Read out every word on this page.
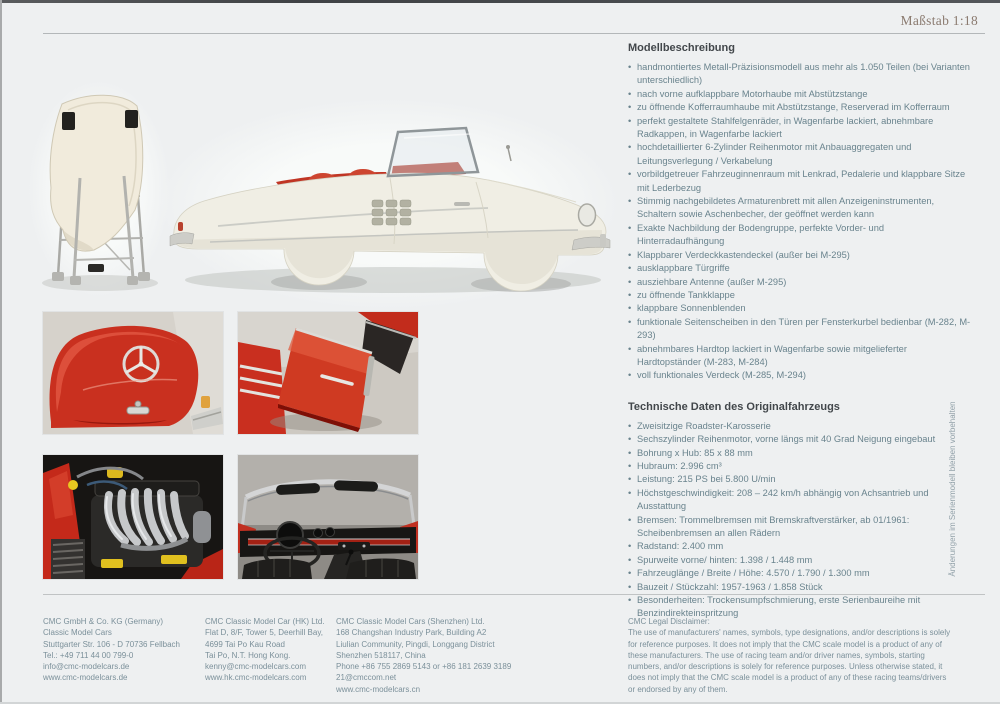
Maßstab 1:18
Modellbeschreibung
• handmontiertes Metall-Präzisionsmodell aus mehr als 1.050 Teilen (bei Varianten unterschiedlich)
• nach vorne aufklappbare Motorhaube mit Abstützstange
• zu öffnende Kofferraumhaube mit Abstützstange, Reserverad im Kofferraum
• perfekt gestaltete Stahlfelgenräder, in Wagenfarbe lackiert, abnehmbare Radkappen, in Wagenfarbe lackiert
• hochdetaillierter 6-Zylinder Reihenmotor mit Anbauaggregaten und Leitungsverlegung / Verkabelung
• vorbildgetreuer Fahrzeuginnenraum mit Lenkrad, Pedalerie und klappbare Sitze mit Lederbezug
• Stimmig nachgebildetes Armaturenbrett mit allen Anzeigeninstrumenten, Schaltern sowie Aschenbecher, der geöffnet werden kann
• Exakte Nachbildung der Bodengruppe, perfekte Vorder- und Hinterradaufhängung
• Klappbarer Verdeckkastendeckel (außer bei M-295)
• ausklappbare Türgriffe
• ausziehbare Antenne (außer M-295)
• zu öffnende Tankklappe
• klappbare Sonnenblenden
• funktionale Seitenscheiben in den Türen per Fensterkurbel bedienbar (M-282, M-293)
• abnehmbares Hardtop lackiert in Wagenfarbe sowie mitgelieferter Hardtopständer (M-283, M-284)
• voll funktionales Verdeck (M-285, M-294)
Technische Daten des Originalfahrzeugs
• Zweisitzige Roadster-Karosserie
• Sechszylinder Reihenmotor, vorne längs mit 40 Grad Neigung eingebaut
• Bohrung x Hub: 85 x 88 mm
• Hubraum: 2.996 cm³
• Leistung: 215 PS bei 5.800 U/min
• Höchstgeschwindigkeit: 208 – 242 km/h abhängig von Achsantrieb und Ausstattung
• Bremsen: Trommelbremsen mit Bremskraftverstärker, ab 01/1961: Scheibenbremsen an allen Rädern
• Radstand: 2.400 mm
• Spurweite vorne/ hinten: 1.398 / 1.448 mm
• Fahrzeuglänge / Breite / Höhe: 4.570 / 1.790 / 1.300 mm
• Bauzeit / Stückzahl: 1957-1963 / 1.858 Stück
• Besonderheiten: Trockensumpfschmierung, erste Serienbaureihe mit Benzindirekteinspritzung
Änderungen im Serienmodell bleiben vorbehalten
CMC GmbH & Co. KG (Germany)
Classic Model Cars
Stuttgarter Str. 106 - D 70736 Fellbach
Tel.: +49 711 44 00 799-0
info@cmc-modelcars.de
www.cmc-modelcars.de
CMC Classic Model Car (HK) Ltd.
Flat D, 8/F, Tower 5, Deerhill Bay,
4699 Tai Po Kau Road
Tai Po, N.T. Hong Kong.
kenny@cmc-modelcars.com
www.hk.cmc-modelcars.com
CMC Classic Model Cars (Shenzhen) Ltd.
168 Changshan Industry Park, Building A2
Liulian Community, Pingdi, Longgang District
Shenzhen 518117, China
Phone +86 755 2869 5143 or +86 181 2639 3189
21@cmccom.net
www.cmc-modelcars.cn
CMC Legal Disclaimer:
The use of manufacturers' names, symbols, type designations, and/or descriptions is solely for reference purposes. It does not imply that the CMC scale model is a product of any of these manufacturers. The use of racing team and/or driver names, symbols, starting numbers, and/or descriptions is solely for reference purposes. Unless otherwise stated, it does not imply that the CMC scale model is a product of any of these racing teams/drivers or endorsed by any of them.
